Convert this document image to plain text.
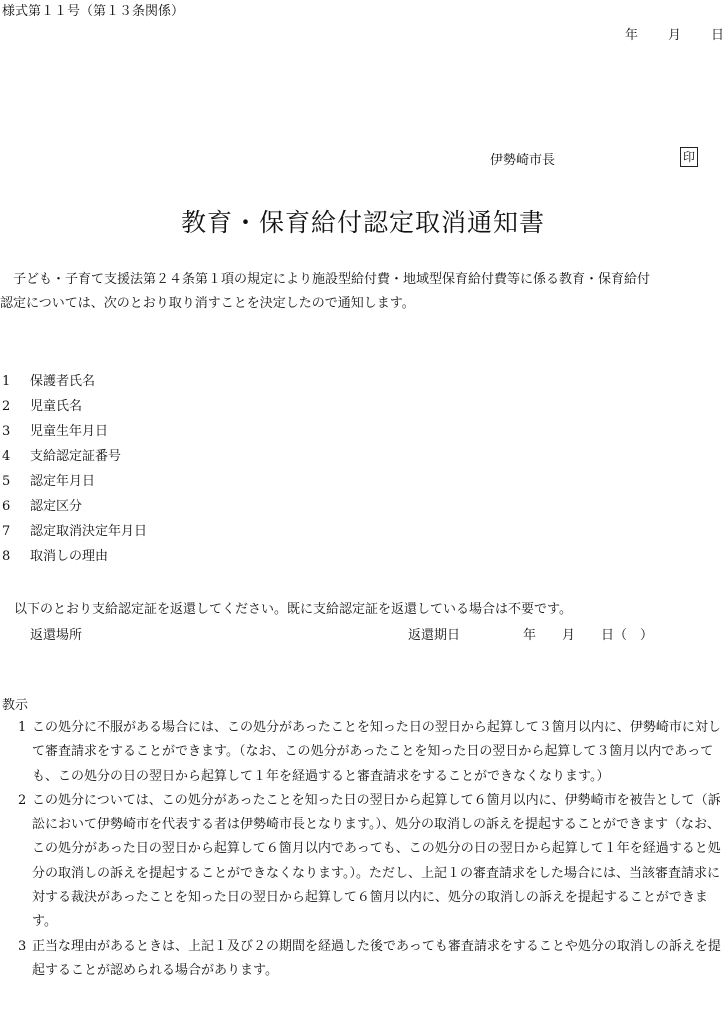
様式第１１号（第１３条関係）
年 月 日
伊勢崎市長	印
教育・保育給付認定取消通知書

　子ども・子育て支援法第２４条第１項の規定により施設型給付費・地域型保育給付費等に係る教育・保育給付

認定については、次のとおり取り消すことを決定したので通知します。

1 保護者氏名
2 児童氏名
3 児童生年月日
4 支給認定証番号
5 認定年月日
6 認定区分
7 認定取消決定年月日
8 取消しの理由
以下のとおり支給認定証を返還してください。既に支給認定証を返還している場合は不要です。
返還場所	返還期日	年　　月　　日（　）
教示

1 この処分に不服がある場合には、この処分があったことを知った日の翌日から起算して３箇月以内に、伊勢崎市に対して審査請求をすることができます。（なお、この処分があったことを知った日の翌日から起算して３箇月以内であっても、この処分の日の翌日から起算して１年を経過すると審査請求をすることができなくなります。）

2 この処分については、この処分があったことを知った日の翌日から起算して６箇月以内に、伊勢崎市を被告として（訴訟において伊勢崎市を代表する者は伊勢崎市長となります。）、処分の取消しの訴えを提起することができます（なお、この処分があった日の翌日から起算して６箇月以内であっても、この処分の日の翌日から起算して１年を経過すると処分の取消しの訴えを提起することができなくなります。）。ただし、上記１の審査請求をした場合には、当該審査請求に対する裁決があったことを知った日の翌日から起算して６箇月以内に、処分の取消しの訴えを提起することができます。

3 正当な理由があるときは、上記１及び２の期間を経過した後であっても審査請求をすることや処分の取消しの訴えを提起することが認められる場合があります。
